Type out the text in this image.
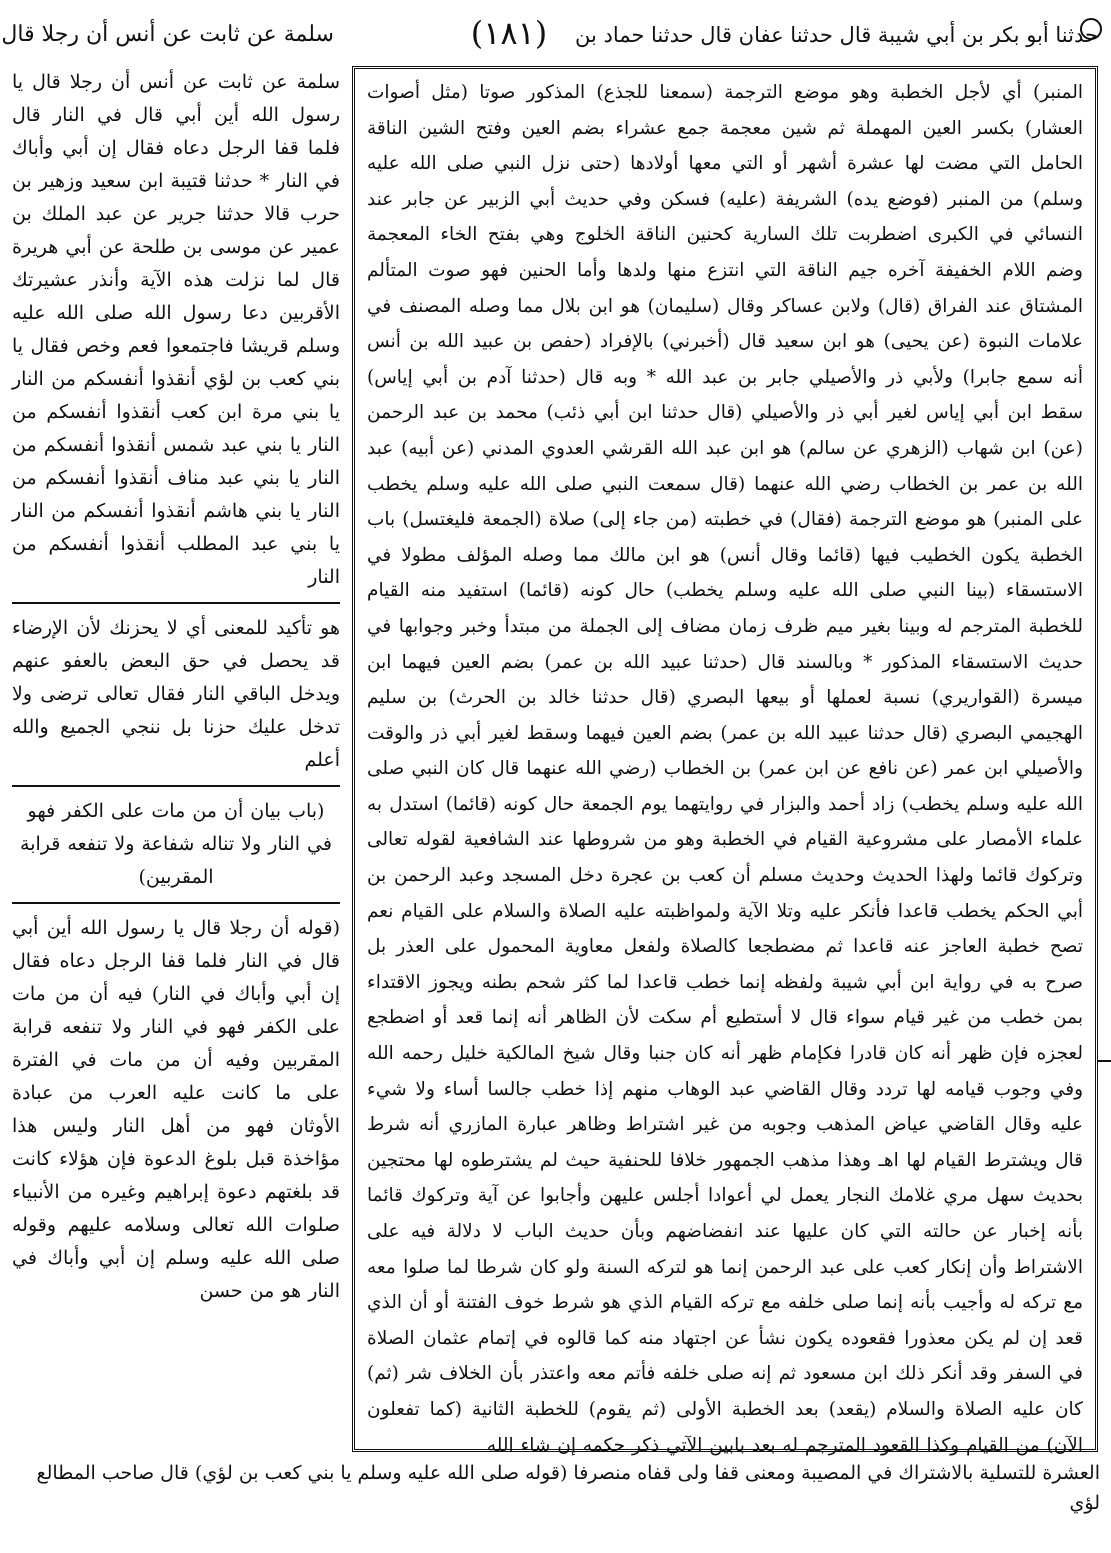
سلمة عن ثابت عن أنس أن رجلا قال	(١٨١)	حدثنا أبو بكر بن أبي شيبة قال حدثنا عفان قال حدثنا حماد بن
المنبر) أي لأجل الخطبة وهو موضع الترجمة (سمعنا للجذع) المذكور صوتا (مثل أصوات العشار) بكسر العين المهملة ثم شين معجمة جمع عشراء بضم العين وفتح الشين الناقة الحامل التي مضت لها عشرة أشهر أو التي معها أولادها (حتى نزل النبي صلى الله عليه وسلم) من المنبر (فوضع يده) الشريفة (عليه) فسكن وفي حديث أبي الزبير عن جابر عند النسائي في الكبرى اضطربت تلك السارية كحنين الناقة الخلوج وهي بفتح الخاء المعجمة وضم اللام الخفيفة آخره جيم الناقة التي انتزع منها ولدها وأما الحنين فهو صوت المتألم المشتاق عند الفراق (قال) ولابن عساكر وقال (سليمان) هو ابن بلال مما وصله المصنف في علامات النبوة (عن يحيى) هو ابن سعيد قال (أخبرني) بالإفراد (حفص بن عبيد الله بن أنس أنه سمع جابرا) ولأبي ذر والأصيلي جابر بن عبد الله * وبه قال (حدثنا آدم بن أبي إياس) سقط ابن أبي إياس لغير أبي ذر والأصيلي (قال حدثنا ابن أبي ذئب) محمد بن عبد الرحمن (عن) ابن شهاب (الزهري عن سالم) هو ابن عبد الله القرشي العدوي المدني (عن أبيه) عبد الله بن عمر بن الخطاب رضي الله عنهما (قال سمعت النبي صلى الله عليه وسلم يخطب على المنبر) هو موضع الترجمة (فقال) في خطبته (من جاء إلى) صلاة (الجمعة فليغتسل) باب الخطبة يكون الخطيب فيها (قائما وقال أنس) هو ابن مالك مما وصله المؤلف مطولا في الاستسقاء (بينا النبي صلى الله عليه وسلم يخطب) حال كونه (قائما) استفيد منه القيام للخطبة المترجم له وبينا بغير ميم ظرف زمان مضاف إلى الجملة من مبتدأ وخبر وجوابها في حديث الاستسقاء المذكور * وبالسند قال (حدثنا عبيد الله بن عمر) بضم العين فيهما ابن ميسرة (القواريري) نسبة لعملها أو بيعها البصري (قال حدثنا خالد بن الحرث) بن سليم الهجيمي البصري (قال حدثنا عبيد الله بن عمر) بضم العين فيهما وسقط لغير أبي ذر والوقت والأصيلي ابن عمر (عن نافع عن ابن عمر) بن الخطاب (رضي الله عنهما قال كان النبي صلى الله عليه وسلم يخطب) زاد أحمد والبزار في روايتهما يوم الجمعة حال كونه (قائما) استدل به علماء الأمصار على مشروعية القيام في الخطبة وهو من شروطها عند الشافعية لقوله تعالى وتركوك قائما ولهذا الحديث وحديث مسلم أن كعب بن عجرة دخل المسجد وعبد الرحمن بن أبي الحكم يخطب قاعدا فأنكر عليه وتلا الآية ولمواظبته عليه الصلاة والسلام على القيام نعم تصح خطبة العاجز عنه قاعدا ثم مضطجعا كالصلاة ولفعل معاوية المحمول على العذر بل صرح به في رواية ابن أبي شيبة ولفظه إنما خطب قاعدا لما كثر شحم بطنه ويجوز الاقتداء بمن خطب من غير قيام سواء قال لا أستطيع أم سكت لأن الظاهر أنه إنما قعد أو اضطجع لعجزه فإن ظهر أنه كان قادرا فكإمام ظهر أنه كان جنبا وقال شيخ المالكية خليل رحمه الله وفي وجوب قيامه لها تردد وقال القاضي عبد الوهاب منهم إذا خطب جالسا أساء ولا شيء عليه وقال القاضي عياض المذهب وجوبه من غير اشتراط وظاهر عبارة المازري أنه شرط قال ويشترط القيام لها اهـ وهذا مذهب الجمهور خلافا للحنفية حيث لم يشترطوه لها محتجين بحديث سهل مري غلامك النجار يعمل لي أعوادا أجلس عليهن وأجابوا عن آية وتركوك قائما بأنه إخبار عن حالته التي كان عليها عند انفضاضهم وبأن حديث الباب لا دلالة فيه على الاشتراط وأن إنكار كعب على عبد الرحمن إنما هو لتركه السنة ولو كان شرطا لما صلوا معه مع تركه له وأجيب بأنه إنما صلى خلفه مع تركه القيام الذي هو شرط خوف الفتنة أو أن الذي قعد إن لم يكن معذورا فقعوده يكون نشأ عن اجتهاد منه كما قالوه في إتمام عثمان الصلاة في السفر وقد أنكر ذلك ابن مسعود ثم إنه صلى خلفه فأتم معه واعتذر بأن الخلاف شر (ثم) كان عليه الصلاة والسلام (يقعد) بعد الخطبة الأولى (ثم يقوم) للخطبة الثانية (كما تفعلون الآن) من القيام وكذا القعود المترجم له بعد بابين الآتي ذكر حكمه إن شاء الله
سلمة عن ثابت عن أنس أن رجلا قال يا رسول الله أين أبي قال في النار قال فلما قفا الرجل دعاه فقال إن أبي وأباك في النار * حدثنا قتيبة ابن سعيد وزهير بن حرب قالا حدثنا جرير عن عبد الملك بن عمير عن موسى بن طلحة عن أبي هريرة قال لما نزلت هذه الآية وأنذر عشيرتك الأقربين دعا رسول الله صلى الله عليه وسلم قريشا فاجتمعوا فعم وخص فقال يا بني كعب بن لؤي أنقذوا أنفسكم من النار يا بني مرة ابن كعب أنقذوا أنفسكم من النار يا بني عبد شمس أنقذوا أنفسكم من النار يا بني عبد مناف أنقذوا أنفسكم من النار يا بني هاشم أنقذوا أنفسكم من النار يا بني عبد المطلب أنقذوا أنفسكم من النار
هو تأكيد للمعنى أي لا يحزنك لأن الإرضاء قد يحصل في حق البعض بالعفو عنهم ويدخل الباقي النار فقال تعالى ترضى ولا تدخل عليك حزنا بل ننجي الجميع والله أعلم
(باب بيان أن من مات على الكفر فهو في النار ولا تناله شفاعة ولا تنفعه قرابة المقربين)
(قوله أن رجلا قال يا رسول الله أين أبي قال في النار فلما قفا الرجل دعاه فقال إن أبي وأباك في النار) فيه أن من مات على الكفر فهو في النار ولا تنفعه قرابة المقربين وفيه أن من مات في الفترة على ما كانت عليه العرب من عبادة الأوثان فهو من أهل النار وليس هذا مؤاخذة قبل بلوغ الدعوة فإن هؤلاء كانت قد بلغتهم دعوة إبراهيم وغيره من الأنبياء صلوات الله تعالى وسلامه عليهم وقوله صلى الله عليه وسلم إن أبي وأباك في النار هو من حسن
العشرة للتسلية بالاشتراك في المصيبة ومعنى قفا ولى قفاه منصرفا (قوله صلى الله عليه وسلم يا بني كعب بن لؤي) قال صاحب المطالع لؤي
